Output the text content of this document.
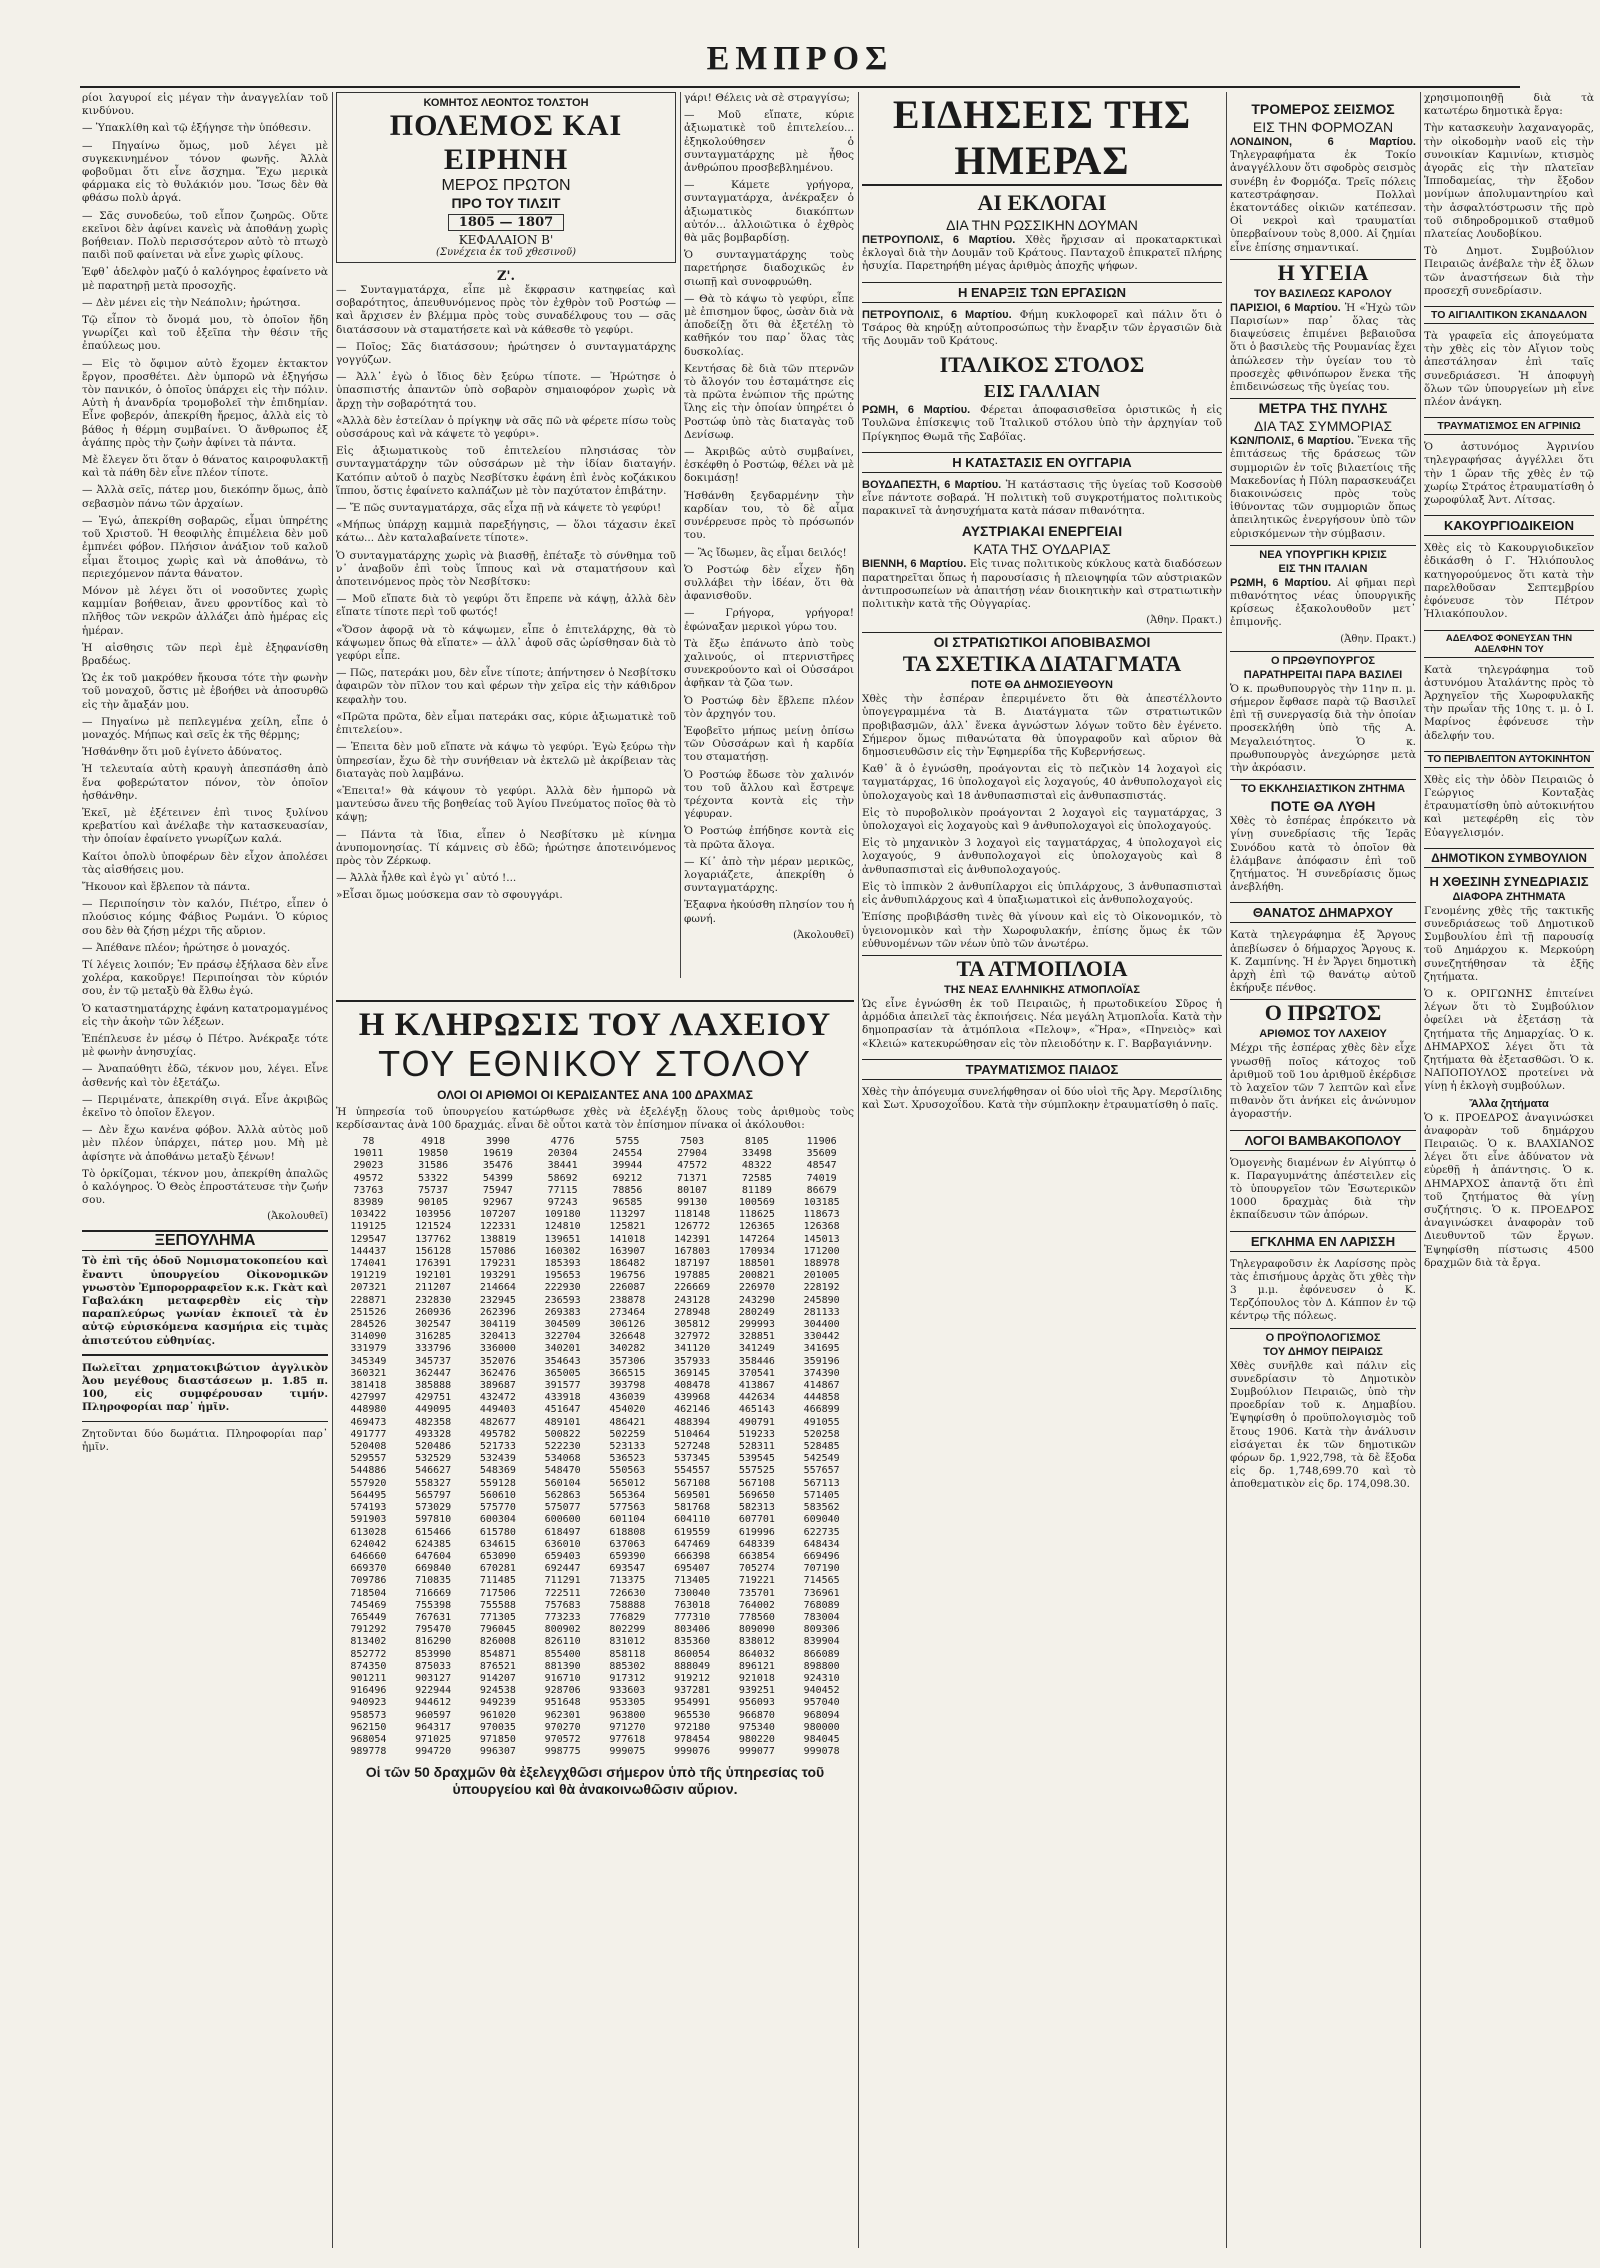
ΕΜΠΡΟΣ

ρίοι λαγυροί εἰς μέγαν τὴν ἀναγγελίαν τοῦ κινδύνου.

— Ὑπακλίθη καὶ τῷ ἐξήγησε τὴν ὑπόθεσιν.

— Πηγαίνω ὅμως, μοῦ λέγει μὲ συγκεκινημένον τόνον φωνῆς. Ἀλλὰ φοβοῦμαι ὅτι εἶνε ἄσχημα. Ἔχω μερικὰ φάρμακα εἰς τὸ θυλάκιόν μου. Ἴσως δὲν θὰ φθάσω πολὺ ἀργά.

— Σᾶς συνοδεύω, τοῦ εἶπον ζωηρῶς. Οὔτε εκεῖνοι δὲν ἀφίνει κανεὶς νὰ ἀποθάνῃ χωρὶς βοήθειαν. Πολὺ περισσότερον αὐτὸ τὸ πτωχὸ παιδὶ ποῦ φαίνεται νὰ εἶνε χωρὶς φίλους.

Ἐφθ᾿ ἀδελφὸν μαζύ ὁ καλόγηρος ἐφαίνετο νὰ μὲ παρατηρῇ μετὰ προσοχῆς.

— Δὲν μένει εἰς τὴν Νεάπολιν; ἠρώτησα.

Τῷ εἶπον τὸ ὄνομά μου, τὸ ὁποῖον ἤδη γνωρίζει καὶ τοῦ ἐξεῖπα τὴν θέσιν τῆς ἐπαύλεως μου.

— Εἰς τὸ ὄφιμον αὐτὸ ἔχομεν ἑκτακτον ἔργον, προσθέτει. Δὲν ὑμπορῶ νὰ ἐξηγήσω τὸν πανικόν, ὁ ὁποῖος ὑπάρχει εἰς τὴν πόλιν. Αὐτὴ ἡ ἀνανδρία τρομοβολεῖ τὴν ἐπιδημίαν. Εἶνε φοβερόν, ἀπεκρίθη ἤρεμος, ἀλλὰ εἰς τὸ βάθος ἡ θέρμη συμβαίνει. Ὁ ἄνθρωπος ἐξ ἀγάπης πρὸς τὴν ζωὴν ἀφίνει τὰ πάντα.

Μὲ ἔλεγεν ὅτι ὅταν ὁ θάνατος καιροφυλακτῇ καὶ τὰ πάθη δὲν εἶνε πλέον τίποτε.

— Ἀλλὰ σεῖς, πάτερ μου, διεκόπην ὅμως, ἀπὸ σεβασμὸν πάνω τῶν ἀρχαίων.

— Ἐγώ, ἀπεκρίθη σοβαρῶς, εἶμαι ὑπηρέτης τοῦ Χριστοῦ. Ἡ θεοφιλὴς ἐπιμέλεια δὲν μοῦ ἐμπνέει φόβον. Πλήσιον ἀνάξιον τοῦ καλοῦ εἶμαι ἕτοιμος χωρὶς καὶ νὰ ἀποθάνω, τὸ περιεχόμενον πάντα θάνατον.

Μόνον μὲ λέγει ὅτι οἱ νοσοῦντες χωρὶς καμμίαν βοήθειαν, ἄνευ φροντίδος καὶ τὸ πλῆθος τῶν νεκρῶν ἀλλάζει ἀπὸ ἡμέρας εἰς ἡμέραν.

Ἡ αἰσθησις τῶν περὶ ἐμὲ ἐξηφανίσθη βραδέως.

Ὡς ἐκ τοῦ μακρόθεν ἤκουσα τότε τὴν φωνὴν τοῦ μοναχοῦ, ὅστις μὲ ἐβοήθει νὰ ἀποσυρθῶ εἰς τὴν ἄμαξάν μου.

— Πηγαίνω μὲ πεπλεγμένα χείλη, εἶπε ὁ μοναχός. Μήπως καὶ σεῖς ἐκ τῆς θέρμης;

Ἠσθάνθην ὅτι μοῦ ἐγίνετο ἀδύνατος.

Ἡ τελευταία αὐτὴ κραυγὴ ἀπεσπάσθη ἀπὸ ἕνα φοβερώτατον πόνον, τὸν ὁποῖον ἠσθάνθην.

Ἐκεῖ, μὲ ἐξέτεινεν ἐπὶ τινος ξυλίνου κρεβατίου καὶ ἀνέλαβε τὴν κατασκευασίαν, τὴν ὁποίαν ἐφαίνετο γνωρίζων καλά.

Καίτοι ὁπολὺ ὑποφέρων δὲν εἶχον ἀπολέσει τὰς αἰσθήσεις μου.

Ἤκουον καὶ ἔβλεπον τὰ πάντα.

— Περιποίησιν τὸν καλόν, Πιέτρο, εἶπεν ὁ πλούσιος κόμης Φάβιος Ρωμάνι. Ὁ κύριος σου δὲν θὰ ζήσῃ μέχρι τῆς αὔριον.

— Ἀπέθανε πλέον; ἠρώτησε ὁ μοναχός.

Τί λέγεις λοιπόν; Ἐν πράσῳ ἐξήλασα δὲν εἶνε χολέρα, κακοῦργε! Περιποίησαι τὸν κύριόν σου, ἐν τῷ μεταξὺ θὰ ἔλθω ἐγώ.

Ὁ καταστηματάρχης ἐφάνη κατατρομαγμένος εἰς τὴν ἀκοὴν τῶν λέξεων.

Ἐπέπλευσε ἐν μέσῳ ὁ Πέτρο. Ἀνέκραξε τότε μὲ φωνὴν ἀνησυχίας.

— Ἀναπαύθητι ἐδῶ, τέκνον μου, λέγει. Εἶνε ἀσθενής καὶ τὸν ἐξετάζω.

— Περιμένατε, ἀπεκρίθη σιγά. Εἶνε ἀκριβῶς ἐκεῖνο τὸ ὁποῖον ἔλεγον.

— Δὲν ἔχω κανένα φόβον. Ἀλλὰ αὐτὸς μοῦ μὲν πλέον ὑπάρχει, πάτερ μου. Μὴ μὲ ἀφίσητε νὰ ἀποθάνω μεταξὺ ξένων!

Τὸ ὀρκίζομαι, τέκνον μου, ἀπεκρίθη ἀπαλῶς ὁ καλόγηρος. Ὁ Θεὸς ἐπροστάτευσε τὴν ζωήν σου.

(Ἀκολουθεῖ)
ΞΕΠΟΥΛΗΜΑ

Τὸ ἐπὶ τῆς ὁδοῦ Νομισματοκοπείου καὶ ἔναντι ὑπουργείου Οἰκονομικῶν γνωστὸν Ἐμπορορραφεῖον κ.κ. Γκὰτ καὶ Γαβαλάκη μεταφερθὲν εἰς τὴν παραπλεύρως γωνίαν ἐκποιεῖ τὰ ἐν αὐτῷ εὑρισκόμενα κασμήρια εἰς τιμὰς ἀπιστεύτου εὐθηνίας.

Πωλεῖται χρηματοκιβώτιον ἀγγλικὸν Ἀου μεγέθους διαστάσεων μ. 1.85 π. 100, εἰς συμφέρουσαν τιμήν. Πληροφορίαι παρ᾿ ἡμῖν.

Ζητοῦνται δύο δωμάτια. Πληροφορίαι παρ᾿ ἡμῖν.

ΚΟΜΗΤΟΣ ΛΕΟΝΤΟΣ ΤΟΛΣΤΟΗ
ΠΟΛΕΜΟΣ ΚΑΙ ΕΙΡΗΝΗ
ΜΕΡΟΣ ΠΡΩΤΟΝ
ΠΡΟ ΤΟΥ ΤΙΛΣΙΤ
1805 — 1807
ΚΕΦΑΛΑΙΟΝ Β'
(Συνέχεια ἐκ τοῦ χθεσινοῦ)
Ζ'.

— Συνταγματάρχα, εἶπε μὲ ἔκφρασιν κατηφείας καὶ σοβαρότητος, ἀπευθυνόμενος πρὸς τὸν ἐχθρὸν τοῦ Ροστώφ — καὶ ἄρχισεν ἐν βλέμμα πρὸς τοὺς συναδέλφους του — σᾶς διατάσσουν νὰ σταματήσετε καὶ νὰ κάθεσθε τὸ γεφύρι.

— Ποῖος; Σᾶς διατάσσουν; ἠρώτησεν ὁ συνταγματάρχης γογγύζων.

— Ἀλλ᾿ ἐγὼ ὁ ἴδιος δὲν ξεύρω τίποτε. — Ἠρώτησε ὁ ὑπασπιστής ἀπαντῶν ὑπὸ σοβαρὸν σημαιοφόρον χωρὶς νὰ ἄρχῃ τὴν σοβαρότητά του.

«Ἀλλὰ δὲν ἐστείλαν ὁ πρίγκηψ νὰ σᾶς πῶ νὰ φέρετε πίσω τοὺς οὐσσάρους καὶ νὰ κάψετε τὸ γεφύρι».

Εἰς ἀξιωματικοὺς τοῦ ἐπιτελείου πλησιάσας τὸν συνταγματάρχην τῶν οὐσσάρων μὲ τὴν ἰδίαν διαταγήν. Κατόπιν αὐτοῦ ὁ παχὺς Νεσβίτσκυ ἐφάνη ἐπὶ ἑνὸς κοζάκικου ἵππου, ὅστις ἐφαίνετο καλπάζων μὲ τὸν παχύτατον ἐπιβάτην.

— Ἔ πῶς συνταγματάρχα, σᾶς εἶχα πῇ νὰ κάψετε τὸ γεφύρι!

«Μήπως ὑπάρχῃ καμμιὰ παρεξήγησις, — ὅλοι τάχασιν ἐκεῖ κάτω... Δὲν καταλαβαίνετε τίποτε».

Ὁ συνταγματάρχης χωρὶς νὰ βιασθῇ, ἐπέταξε τὸ σύνθημα τοῦ ν᾿ ἀναβοῦν ἐπὶ τοὺς ἵππους καὶ νὰ σταματήσουν καὶ ἀποτεινόμενος πρὸς τὸν Νεσβίτσκυ:

— Μοῦ εἴπατε διὰ τὸ γεφύρι ὅτι ἔπρεπε νὰ κάψῃ, ἀλλὰ δὲν εἴπατε τίποτε περὶ τοῦ φωτός!

«Ὅσον ἀφορᾷ νὰ τὸ κάψωμεν, εἶπε ὁ ἐπιτελάρχης, θὰ τὸ κάψωμεν ὅπως θὰ εἴπατε» — ἀλλ᾿ ἀφοῦ σᾶς ὡρίσθησαν διὰ τὸ γεφύρι εἶπε.

— Πῶς, πατεράκι μου, δὲν εἶνε τίποτε; ἀπήντησεν ὁ Νεσβίτσκυ ἀφαιρῶν τὸν πῖλον του καὶ φέρων τὴν χεῖρα εἰς τὴν κάθιδρον κεφαλὴν του.

«Πρῶτα πρῶτα, δὲν εἶμαι πατεράκι σας, κύριε ἀξιωματικὲ τοῦ ἐπιτελείου».

— Ἐπειτα δὲν μοῦ εἴπατε νὰ κάψω τὸ γεφύρι. Ἐγὼ ξεύρω τὴν ὑπηρεσίαν, ἔχω δὲ τὴν συνήθειαν νὰ ἐκτελῶ μὲ ἀκρίβειαν τὰς διαταγὰς ποὺ λαμβάνω.

«Ἐπειτα!» θὰ κάψουν τὸ γεφύρι. Ἀλλὰ δὲν ἠμπορῶ νὰ μαντεύσω ἄνευ τῆς βοηθείας τοῦ Ἁγίου Πνεύματος ποῖος θὰ τὸ κάψῃ;

— Πάντα τὰ ἴδια, εἶπεν ὁ Νεσβίτσκυ μὲ κίνημα ἀνυπομονησίας. Τί κάμνεις σὺ ἐδῶ; ἠρώτησε ἀποτεινόμενος πρὸς τὸν Ζέρκωφ.

— Ἀλλὰ ἦλθε καὶ ἐγὼ γι᾿ αὐτό !...

»Εἶσαι ὅμως μούσκεμα σαν τὸ σφουγγάρι.

γάρι! Θέλεις νὰ σὲ στραγγίσω;

— Μοῦ εἴπατε, κύριε ἀξιωματικὲ τοῦ ἐπιτελείου... ἐξηκολούθησεν ὁ συνταγματάρχης μὲ ἦθος ἀνθρώπου προσβεβλημένου.

— Κάμετε γρήγορα, συνταγματάρχα, ἀνέκραξεν ὁ ἀξιωματικὸς διακόπτων αὐτόν... ἀλλοιῶτικα ὁ ἐχθρὸς θὰ μᾶς βομβαρδίσῃ.

Ὁ συνταγματάρχης τοὺς παρετήρησε διαδοχικῶς ἐν σιωπῇ καὶ συνοφρυώθη.

— Θὰ τὸ κάψω τὸ γεφύρι, εἶπε μὲ ἐπισημον ὕφος, ὡσὰν διὰ νὰ ἀποδείξῃ ὅτι θὰ ἐξετέλῃ τὸ καθῆκόν του παρ᾿ ὅλας τὰς δυσκολίας.

Κεντήσας δὲ διὰ τῶν πτερνῶν τὸ ἄλογόν του ἐσταμάτησε εἰς τὰ πρῶτα ἐνώπιον τῆς πρώτης ἴλης εἰς τὴν ὁποίαν ὑπηρέτει ὁ Ροστώφ ὑπὸ τὰς διαταγὰς τοῦ Δενίσωφ.

— Ἀκριβῶς αὐτὸ συμβαίνει, ἐσκέφθη ὁ Ροστώφ, θέλει νὰ μὲ δοκιμάσῃ!

Ἠσθάνθη ξεγδαρμένην τὴν καρδίαν του, τὸ δὲ αἷμα συνέρρευσε πρὸς τὸ πρόσωπόν του.

— Ἂς ἴδωμεν, ἂς εἶμαι δειλός!

Ὁ Ροστώφ δὲν εἶχεν ἤδη συλλάβει τὴν ἰδέαν, ὅτι θὰ ἀφανισθοῦν.

— Γρήγορα, γρήγορα! ἐφώναξαν μερικοὶ γύρω του.

Τὰ ἔξω ἐπάνωτο ἀπὸ τοὺς χαλινούς, οἱ πτερνιστῆρες συνεκρούοντο καὶ οἱ Οὐσσάροι ἀφῆκαν τὰ ζῶα των.

Ὁ Ροστώφ δὲν ἔβλεπε πλέον τὸν ἀρχηγόν του.

Ἐφοβεῖτο μήπως μείνῃ ὀπίσω τῶν Οὐσσάρων καὶ ἡ καρδία του σταματήσῃ.

Ὁ Ροστώφ ἔδωσε τὸν χαλινόν του τοῦ ἄλλου καὶ ἔστρεψε τρέχοντα κοντὰ εἰς τὴν γέφυραν.

Ὁ Ροστώφ ἐπήδησε κοντὰ εἰς τὰ πρῶτα ἄλογα.

— Κί᾿ ἀπὸ τὴν μέραν μερικῶς, λογαριάζετε, ἀπεκρίθη ὁ συνταγματάρχης.

Ἐξαφνα ἠκούσθη πλησίον του ἡ φωνή.

(Ἀκολουθεῖ)
Η ΚΛΗΡΩΣΙΣ ΤΟΥ ΛΑΧΕΙΟΥ
ΤΟΥ ΕΘΝΙΚΟΥ ΣΤΟΛΟΥ
ΟΛΟΙ ΟΙ ΑΡΙΘΜΟΙ ΟΙ ΚΕΡΔΙΣΑΝΤΕΣ ΑΝΑ 100 ΔΡΑΧΜΑΣ

Ἡ ὑπηρεσία τοῦ ὑπουργείου κατώρθωσε χθὲς νὰ ἐξελέγξῃ ὅλους τοὺς ἀριθμοὺς τοὺς κερδίσαντας ἀνὰ 100 δραχμάς. εἶναι δὲ οὗτοι κατὰ τὸν ἐπίσημον πίνακα οἱ ἀκόλουθοι:

78	4918	3990	4776	5755	7503	8105	11906
19011	19850	19619	20304	24554	27904	33498	35609
29023	31586	35476	38441	39944	47572	48322	48547
49572	53322	54399	58692	69212	71371	72585	74019
73763	75737	75947	77115	78856	80107	81189	86679
83989	90105	92967	97243	96585	99130	100569	103185
103422	103956	107207	109180	113297	118148	118625	118673
119125	121524	122331	124810	125821	126772	126365	126368
129547	137762	138819	139651	141018	142391	147264	145013
144437	156128	157086	160302	163907	167803	170934	171200
174041	176391	179231	185393	186482	187197	188501	188978
191219	192101	193291	195653	196756	197885	200821	201005
207321	211207	214664	222930	226087	226669	226970	228192
228871	232830	232945	236593	238878	243128	243290	245890
251526	260936	262396	269383	273464	278948	280249	281133
284526	302547	304119	304509	306126	305812	299993	304400
314090	316285	320413	322704	326648	327972	328851	330442
331979	333796	336000	340201	340282	341120	341249	341695
345349	345737	352076	354643	357306	357933	358446	359196
360321	362447	362476	365005	366515	369145	370541	374390
381418	385888	389687	391577	393798	408478	413867	414867
427997	429751	432472	433918	436039	439968	442634	444858
448980	449095	449403	451647	454020	462146	465143	466899
469473	482358	482677	489101	486421	488394	490791	491055
491777	493328	495782	500822	502259	510464	519233	520258
520408	520486	521733	522230	523133	527248	528311	528485
529557	532529	532439	534068	536523	537345	539545	542549
544886	546627	548369	548470	550563	554557	557525	557657
557920	558327	559128	560104	565012	567108	567108	567113
564495	565797	560610	562863	565364	569501	569650	571405
574193	573029	575770	575077	577563	581768	582313	583562
591903	597810	600304	600600	601104	604110	607701	609040
613028	615466	615780	618497	618808	619559	619996	622735
624042	624385	634615	636010	637063	647469	648339	648434
646660	647604	653090	659403	659390	666398	663854	669496
669370	669840	670281	692447	693547	695407	705274	707190
709786	710835	711485	711291	713375	713405	719221	714565
718504	716669	717506	722511	726630	730040	735701	736961
745469	755398	755588	757683	758888	763018	764002	768089
765449	767631	771305	773233	776829	777310	778560	783004
791292	795470	796045	800902	802299	803406	809090	809306
813402	816290	826008	826110	831012	835360	838012	839904
852772	853990	854871	855400	858118	860054	864032	866089
874350	875033	876521	881390	885302	888049	896121	898800
901211	903127	914207	916710	917312	919212	921018	924310
916496	922944	924538	928706	933603	937281	939251	940452
940923	944612	949239	951648	953305	954991	956093	957040
958573	960597	961020	962301	963800	965530	966870	968094
962150	964317	970035	970270	971270	972180	975340	980000
968054	971025	971850	970572	977618	978454	980220	984045
989778	994720	996307	998775	999075	999076	999077	999078
Οἱ τῶν 50 δραχμῶν θὰ ἐξελεγχθῶσι σήμερον ὑπὸ τῆς ὑπηρεσίας τοῦ ὑπουργείου καὶ θὰ ἀνακοινωθῶσιν αὔριον.
ΕΙΔΗΣΕΙΣ ΤΗΣ ΗΜΕΡΑΣ
ΑΙ ΕΚΛΟΓΑΙ
ΔΙΑ ΤΗΝ ΡΩΣΣΙΚΗΝ ΔΟΥΜΑΝ

ΠΕΤΡΟΥΠΟΛΙΣ, 6 Μαρτίου. Χθὲς ἤρχισαν αἱ προκαταρκτικαὶ ἐκλογαὶ διὰ τὴν Δουμᾶν τοῦ Κράτους. Πανταχοῦ ἐπικρατεῖ πλήρης ἡσυχία. Παρετηρήθη μέγας ἀριθμὸς ἀποχῆς ψήφων.

Η ΕΝΑΡΞΙΣ ΤΩΝ ΕΡΓΑΣΙΩΝ

ΠΕΤΡΟΥΠΟΛΙΣ, 6 Μαρτίου. Φήμη κυκλοφορεῖ καὶ πάλιν ὅτι ὁ Τσάρος θὰ κηρύξῃ αὐτοπροσώπως τὴν ἔναρξιν τῶν ἐργασιῶν διὰ τῆς Δουμᾶν τοῦ Κράτους.

ΙΤΑΛΙΚΟΣ ΣΤΟΛΟΣ
ΕΙΣ ΓΑΛΛΙΑΝ

ΡΩΜΗ, 6 Μαρτίου. Φέρεται ἀποφασισθεῖσα ὁριστικῶς ἡ εἰς Τουλῶνα ἐπίσκεψις τοῦ Ἰταλικοῦ στόλου ὑπὸ τὴν ἀρχηγίαν τοῦ Πρίγκηπος Θωμᾶ τῆς Σαβόϊας.

Η ΚΑΤΑΣΤΑΣΙΣ ΕΝ ΟΥΓΓΑΡΙΑ

ΒΟΥΔΑΠΕΣΤΗ, 6 Μαρτίου. Ἡ κατάστασις τῆς ὑγείας τοῦ Κοσσοὺθ εἶνε πάντοτε σοβαρά. Ἡ πολιτικὴ τοῦ συγκροτήματος πολιτικοὺς παρακινεῖ τὰ ἀνησυχήματα κατὰ πάσαν πιθανότητα.

ΑΥΣΤΡΙΑΚΑΙ ΕΝΕΡΓΕΙΑΙ
ΚΑΤΑ ΤΗΣ ΟΥΔΑΡΙΑΣ

ΒΙΕΝΝΗ, 6 Μαρτίου. Εἰς τινας πολιτικοὺς κύκλους κατὰ διαδόσεων παρατηρεῖται ὅπως ἡ παρουσίασις ἡ πλειοψηφία τῶν αὐστριακῶν ἀντιπροσωπείων νὰ ἀπαιτήσῃ νέαν διοικητικὴν καὶ στρατιωτικὴν πολιτικὴν κατὰ τῆς Οὐγγαρίας.

(Ἀθην. Πρακτ.)
ΟΙ ΣΤΡΑΤΙΩΤΙΚΟΙ ΑΠΟΒΙΒΑΣΜΟΙ
ΤΑ ΣΧΕΤΙΚΑ ΔΙΑΤΑΓΜΑΤΑ
ΠΟΤΕ ΘΑ ΔΗΜΟΣΙΕΥΘΟΥΝ

Χθὲς τὴν ἑσπέραν ἐπεριμένετο ὅτι θὰ ἀπεστέλλοντο ὑπογεγραμμένα τὰ Β. Διατάγματα τῶν στρατιωτικῶν προβιβασμῶν, ἀλλ᾿ ἕνεκα ἀγνώστων λόγων τοῦτο δὲν ἐγένετο. Σήμερον ὅμως πιθανώτατα θὰ ὑπογραφοῦν καὶ αὔριον θὰ δημοσιευθῶσιν εἰς τὴν Ἐφημερίδα τῆς Κυβερνήσεως.

Καθ᾿ ἃ ὁ ἐγνώσθη, προάγονται εἰς τὸ πεζικὸν 14 λοχαγοὶ εἰς ταγματάρχας, 16 ὑπολοχαγοὶ εἰς λοχαγούς, 40 ἀνθυπολοχαγοὶ εἰς ὑπολοχαγοὺς καὶ 18 ἀνθυπασπισταὶ εἰς ἀνθυπασπιστάς.

Εἰς τὸ πυροβολικὸν προάγονται 2 λοχαγοὶ εἰς ταγματάρχας, 3 ὑπολοχαγοὶ εἰς λοχαγοὺς καὶ 9 ἀνθυπολοχαγοὶ εἰς ὑπολοχαγούς.

Εἰς τὸ μηχανικὸν 3 λοχαγοὶ εἰς ταγματάρχας, 4 ὑπολοχαγοὶ εἰς λοχαγούς, 9 ἀνθυπολοχαγοὶ εἰς ὑπολοχαγοὺς καὶ 8 ἀνθυπασπισταὶ εἰς ἀνθυπολοχαγούς.

Εἰς τὸ ἱππικὸν 2 ἀνθυπίλαρχοι εἰς ὑπιλάρχους, 3 ἀνθυπασπισταὶ εἰς ἀνθυπιλάρχους καὶ 4 ὑπαξιωματικοὶ εἰς ἀνθυπολοχαγούς.

Ἐπίσης προβιβάσθη τινὲς θὰ γίνουν καὶ εἰς τὸ Οἰκονομικόν, τὸ ὑγειονομικὸν καὶ τὴν Χωροφυλακήν, ἐπίσης ὅμως ἐκ τῶν εὐθυνομένων τῶν νέων ὑπὸ τῶν ἀνωτέρω.

ΤΑ ΑΤΜΟΠΛΟΙΑ
ΤΗΣ ΝΕΑΣ ΕΛΛΗΝΙΚΗΣ ΑΤΜΟΠΛΟΪΑΣ

Ὡς εἶνε ἐγνώσθη ἐκ τοῦ Πειραιῶς, ἡ πρωτοδικείου Σῦρος ἡ ἀρμόδια ἀπειλεῖ τὰς ἐκποιήσεις. Νέα μεγάλη Ἀτμοπλοΐα. Κατὰ τὴν δημοπρασίαν τὰ ἀτμόπλοια «Πελοψ», «Ἥρα», «Πηνειὸς» καὶ «Κλειώ» κατεκυρώθησαν εἰς τὸν πλειοδότην κ. Γ. Βαρβαγιάννην.

ΤΡΑΥΜΑΤΙΣΜΟΣ ΠΑΙΔΟΣ

Χθὲς τὴν ἀπόγευμα συνελήφθησαν οἱ δύο υἱοὶ τῆς Ἀργ. Μερσίλιδης καὶ Σωτ. Χρυσοχοΐδου. Κατὰ τὴν σύμπλοκην ἐτραυματίσθη ὁ παῖς.

ΤΡΟΜΕΡΟΣ ΣΕΙΣΜΟΣ
ΕΙΣ ΤΗΝ ΦΟΡΜΟΖΑΝ

ΛΟΝΔΙΝΟΝ, 6 Μαρτίου. Τηλεγραφήματα ἐκ Τοκίο ἀναγγέλλουν ὅτι σφοδρὸς σεισμὸς συνέβη ἐν Φορμόζα. Τρεῖς πόλεις κατεστράφησαν. Πολλαὶ ἑκατοντάδες οἰκιῶν κατέπεσαν. Οἱ νεκροὶ καὶ τραυματίαι ὑπερβαίνουν τοὺς 8,000. Αἱ ζημίαι εἶνε ἐπίσης σημαντικαί.

Η ΥΓΕΙΑ
ΤΟΥ ΒΑΣΙΛΕΩΣ ΚΑΡΟΛΟΥ

ΠΑΡΙΣΙΟΙ, 6 Μαρτίου. Ἡ «Ἠχὼ τῶν Παρισίων» παρ᾿ ὅλας τὰς διαψεύσεις ἐπιμένει βεβαιοῦσα ὅτι ὁ βασιλεὺς τῆς Ρουμανίας ἔχει ἀπώλεσεν τὴν ὑγείαν του τὸ προσεχὲς φθινόπωρον ἕνεκα τῆς ἐπιδεινώσεως τῆς ὑγείας του.

ΜΕΤΡΑ ΤΗΣ ΠΥΛΗΣ
ΔΙΑ ΤΑΣ ΣΥΜΜΟΡΙΑΣ

ΚΩΝ/ΠΟΛΙΣ, 6 Μαρτίου. Ἕνεκα τῆς ἐπιτάσεως τῆς δράσεως τῶν συμμοριῶν ἐν τοῖς βιλαετίοις τῆς Μακεδονίας ἡ Πύλη παρασκευάζει διακοινώσεις πρὸς τοὺς ἰθύνοντας τῶν συμμοριῶν ὅπως ἀπειλητικῶς ἐνεργήσουν ὑπὸ τῶν εὐρισκόμενων τὴν σύμβασιν.

ΝΕΑ ΥΠΟΥΡΓΙΚΗ ΚΡΙΣΙΣ
ΕΙΣ ΤΗΝ ΙΤΑΛΙΑΝ

ΡΩΜΗ, 6 Μαρτίου. Αἱ φῆμαι περὶ πιθανότητος νέας ὑπουργικῆς κρίσεως ἐξακολουθοῦν μετ᾿ ἐπιμονῆς.

(Ἀθην. Πρακτ.)
Ο ΠΡΩΘΥΠΟΥΡΓΟΣ
ΠΑΡΑΤΗΡΕΙΤΑΙ ΠΑΡΑ ΒΑΣΙΛΕΙ

Ὁ κ. πρωθυπουργὸς τὴν 11ην π. μ. σήμερον ἔφθασε παρὰ τῷ Βασιλεῖ ἐπὶ τῇ συνεργασίᾳ διὰ τὴν ὁποίαν προσεκλήθη ὑπὸ τῆς Α. Μεγαλειότητος. Ὁ κ. πρωθυπουργὸς ἀνεχώρησε μετὰ τὴν ἀκρόασιν.

ΤΟ ΕΚΚΛΗΣΙΑΣΤΙΚΟΝ ΖΗΤΗΜΑ
ΠΟΤΕ ΘΑ ΛΥΘΗ

Χθὲς τὸ ἑσπέρας ἐπρόκειτο νὰ γίνῃ συνεδρίασις τῆς Ἱερᾶς Συνόδου κατὰ τὸ ὁποῖον θὰ ἐλάμβανε ἀπόφασιν ἐπὶ τοῦ ζητήματος. Ἡ συνεδρίασις ὅμως ἀνεβλήθη.

ΘΑΝΑΤΟΣ ΔΗΜΑΡΧΟΥ

Κατὰ τηλεγράφημα ἐξ Ἄργους ἀπεβίωσεν ὁ δήμαρχος Ἄργους κ. Κ. Ζαμπίνης. Ἡ ἐν Ἄργει δημοτικὴ ἀρχὴ ἐπὶ τῷ θανάτῳ αὐτοῦ ἐκήρυξε πένθος.

Ο ΠΡΩΤΟΣ
ΑΡΙΘΜΟΣ ΤΟΥ ΛΑΧΕΙΟΥ

Μέχρι τῆς ἑσπέρας χθὲς δὲν εἶχε γνωσθῇ ποῖος κάτοχος τοῦ ἀριθμοῦ τοῦ 1ου ἀριθμοῦ ἐκέρδισε τὸ λαχεῖον τῶν 7 λεπτῶν καὶ εἶνε πιθανὸν ὅτι ἀνήκει εἰς ἀνώνυμον ἀγοραστήν.

ΛΟΓΟΙ ΒΑΜΒΑΚΟΠΟΛΟΥ

Ὁμογενὴς διαμένων ἐν Αἰγύπτῳ ὁ κ. Παραγυμνάτης ἀπέστειλεν εἰς τὸ ὑπουργεῖον τῶν Ἐσωτερικῶν 1000 δραχμὰς διὰ τὴν ἐκπαίδευσιν τῶν ἀπόρων.

ΕΓΚΛΗΜΑ ΕΝ ΛΑΡΙΣΣΗ

Τηλεγραφοῦσιν ἐκ Λαρίσσης πρὸς τὰς ἐπισήμους ἀρχὰς ὅτι χθὲς τὴν 3 μ.μ. ἐφόνευσεν ὁ Κ. Τερζόπουλος τὸν Δ. Κάππον ἐν τῷ κέντρῳ τῆς πόλεως.

Ο ΠΡΟΫΠΟΛΟΓΙΣΜΟΣ
ΤΟΥ ΔΗΜΟΥ ΠΕΙΡΑΙΩΣ

Χθὲς συνῆλθε καὶ πάλιν εἰς συνεδρίασιν τὸ Δημοτικὸν Συμβούλιον Πειραιῶς, ὑπὸ τὴν προεδρίαν τοῦ κ. Δημαβίου. Ἐψηφίσθη ὁ προϋπολογισμὸς τοῦ ἔτους 1906. Κατὰ τὴν ἀνάλυσιν εἰσάγεται ἐκ τῶν δημοτικῶν φόρων δρ. 1,922,798, τὰ δὲ ἔξοδα εἰς δρ. 1,748,699.70 καὶ τὸ ἀποθεματικὸν εἰς δρ. 174,098.30.

χρησιμοποιηθῇ διὰ τὰ κατωτέρω δημοτικὰ ἔργα:

Τὴν κατασκευὴν λαχαναγορᾶς, τὴν οἰκοδομὴν ναοῦ εἰς τὴν συνοικίαν Καμινίων, κτισμὸς ἀγορᾶς εἰς τὴν πλατεῖαν Ἱπποδαμείας, τὴν ἔξοδον μονίμων ἀπολυμαντηρίου καὶ τὴν ἀσφαλτόστρωσιν τῆς πρὸ τοῦ σιδηροδρομικοῦ σταθμοῦ πλατείας Λουδοβίκου.

Τὸ Δημοτ. Συμβούλιον Πειραιῶς ἀνέβαλε τὴν ἐξ ὅλων τῶν ἀναστήσεων διὰ τὴν προσεχῆ συνεδρίασιν.

ΤΟ ΑΙΓΙΑΛΙΤΙΚΟΝ ΣΚΑΝΔΑΛΟΝ

Τὰ γραφεῖα εἰς ἀπογεύματα τὴν χθὲς εἰς τὸν Αἴγιον τοὺς ἀπεστάλησαν ἐπὶ ταῖς συνεδριάσεσι. Ἡ ἀποφυγὴ ὅλων τῶν ὑπουργείων μὴ εἶνε πλέον ἀνάγκη.

ΤΡΑΥΜΑΤΙΣΜΟΣ ΕΝ ΑΓΡΙΝΙΩ

Ὁ ἀστυνόμος Ἀγρινίου τηλεγραφήσας ἀγγέλλει ὅτι τὴν 1 ὥραν τῆς χθὲς ἐν τῷ χωρίῳ Στράτος ἐτραυματίσθη ὁ χωροφύλαξ Ἀντ. Λίτσας.

ΚΑΚΟΥΡΓΙΟΔΙΚΕΙΟΝ

Χθὲς εἰς τὸ Κακουργιοδικεῖον ἐδικάσθη ὁ Γ. Ἠλιόπουλος κατηγορούμενος ὅτι κατὰ τὴν παρελθοῦσαν Σεπτεμβρίου ἐφόνευσε τὸν Πέτρον Ἠλιακόπουλον.

ΑΔΕΛΦΟΣ ΦΟΝΕΥΣΑΝ ΤΗΝ ΑΔΕΛΦΗΝ ΤΟΥ

Κατὰ τηλεγράφημα τοῦ ἀστυνόμου Ἀταλάντης πρὸς τὸ Ἀρχηγεῖον τῆς Χωροφυλακῆς τὴν πρωΐαν τῆς 10ης τ. μ. ὁ Ι. Μαρίνος ἐφόνευσε τὴν ἀδελφήν του.

ΤΟ ΠΕΡΙΒΛΕΠΤΟΝ ΑΥΤΟΚΙΝΗΤΟΝ

Χθὲς εἰς τὴν ὁδὸν Πειραιῶς ὁ Γεώργιος Κονταξὰς ἐτραυματίσθη ὑπὸ αὐτοκινήτου καὶ μετεφέρθη εἰς τὸν Εὐαγγελισμόν.

ΔΗΜΟΤΙΚΟΝ ΣΥΜΒΟΥΛΙΟΝ
Η ΧΘΕΣΙΝΗ ΣΥΝΕΔΡΙΑΣΙΣ
ΔΙΑΦΟΡΑ ΖΗΤΗΜΑΤΑ

Γενομένης χθὲς τῆς τακτικῆς συνεδριάσεως τοῦ Δημοτικοῦ Συμβουλίου ἐπὶ τῇ παρουσίᾳ τοῦ Δημάρχου κ. Μερκούρη συνεζητήθησαν τὰ ἑξῆς ζητήματα.

Ὁ κ. ΟΡΙΓΩΝΗΣ ἐπιτείνει λέγων ὅτι τὸ Συμβούλιον ὀφείλει νὰ ἐξετάσῃ τὰ ζητήματα τῆς Δημαρχίας. Ὁ κ. ΔΗΜΑΡΧΟΣ λέγει ὅτι τὰ ζητήματα θὰ ἐξετασθῶσι. Ὁ κ. ΝΑΠΟΠΟΥΛΟΣ προτείνει νὰ γίνῃ ἡ ἐκλογὴ συμβούλων.

Ἄλλα ζητήματα

Ὁ κ. ΠΡΟΕΔΡΟΣ ἀναγινώσκει ἀναφορὰν τοῦ δημάρχου Πειραιῶς. Ὁ κ. ΒΛΑΧΙΑΝΟΣ λέγει ὅτι εἶνε ἀδύνατον νὰ εὑρεθῇ ἡ ἀπάντησις. Ὁ κ. ΔΗΜΑΡΧΟΣ ἀπαντᾷ ὅτι ἐπὶ τοῦ ζητήματος θὰ γίνῃ συζήτησις. Ὁ κ. ΠΡΟΕΔΡΟΣ ἀναγινώσκει ἀναφορὰν τοῦ Διευθυντοῦ τῶν ἔργων. Ἐψηφίσθη πίστωσις 4500 δραχμῶν διὰ τὰ ἔργα.
